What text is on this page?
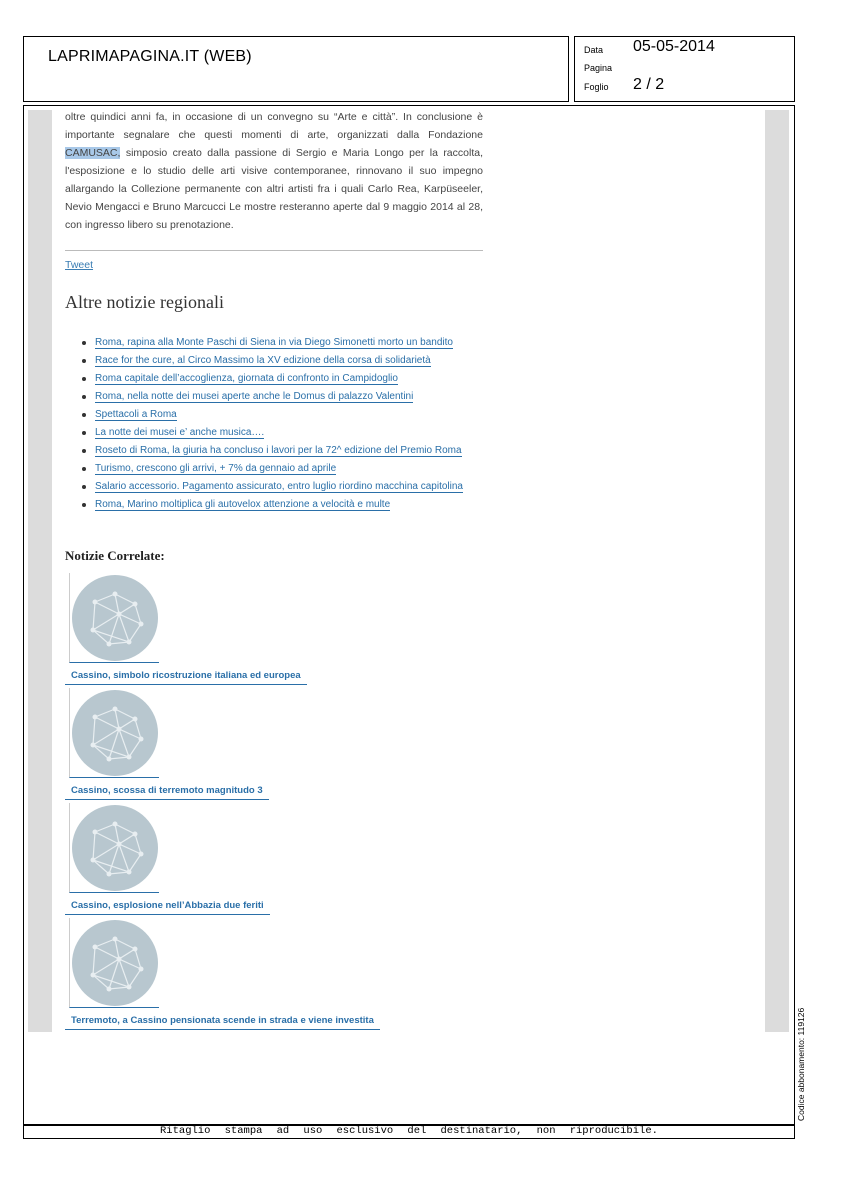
LAPRIMAPAGINA.IT (WEB)	Data 05-05-2014
Pagina
Foglio 2 / 2
oltre quindici anni fa, in occasione di un convegno su “Arte e città”. In conclusione è importante segnalare che questi momenti di arte, organizzati dalla Fondazione CAMUSAC, simposio creato dalla passione di Sergio e Maria Longo per la raccolta, l'esposizione e lo studio delle arti visive contemporanee, rinnovano il suo impegno allargando la Collezione permanente con altri artisti fra i quali Carlo Rea, Karpüseeler, Nevio Mengacci e Bruno Marcucci Le mostre resteranno aperte dal 9 maggio 2014 al 28, con ingresso libero su prenotazione.
Tweet
Altre notizie regionali
Roma, rapina alla Monte Paschi di Siena in via Diego Simonetti morto un bandito
Race for the cure, al Circo Massimo la XV edizione della corsa di solidarietà
Roma capitale dell’accoglienza, giornata di confronto in Campidoglio
Roma, nella notte dei musei aperte anche le Domus di palazzo Valentini
Spettacoli a Roma
La notte dei musei e’ anche musica….
Roseto di Roma, la giuria ha concluso i lavori per la 72^ edizione del Premio Roma
Turismo, crescono gli arrivi, + 7% da gennaio ad aprile
Salario accessorio. Pagamento assicurato, entro luglio riordino macchina capitolina
Roma, Marino moltiplica gli autovelox attenzione a velocità e multe
Notizie Correlate:
Cassino, simbolo ricostruzione italiana ed europea
Cassino, scossa di terremoto magnitudo 3
Cassino, esplosione nell’Abbazia due feriti
Terremoto, a Cassino pensionata scende in strada e viene investita
Ritaglio stampa ad uso esclusivo del destinatario, non riproducibile.
Codice abbonamento: 119126
